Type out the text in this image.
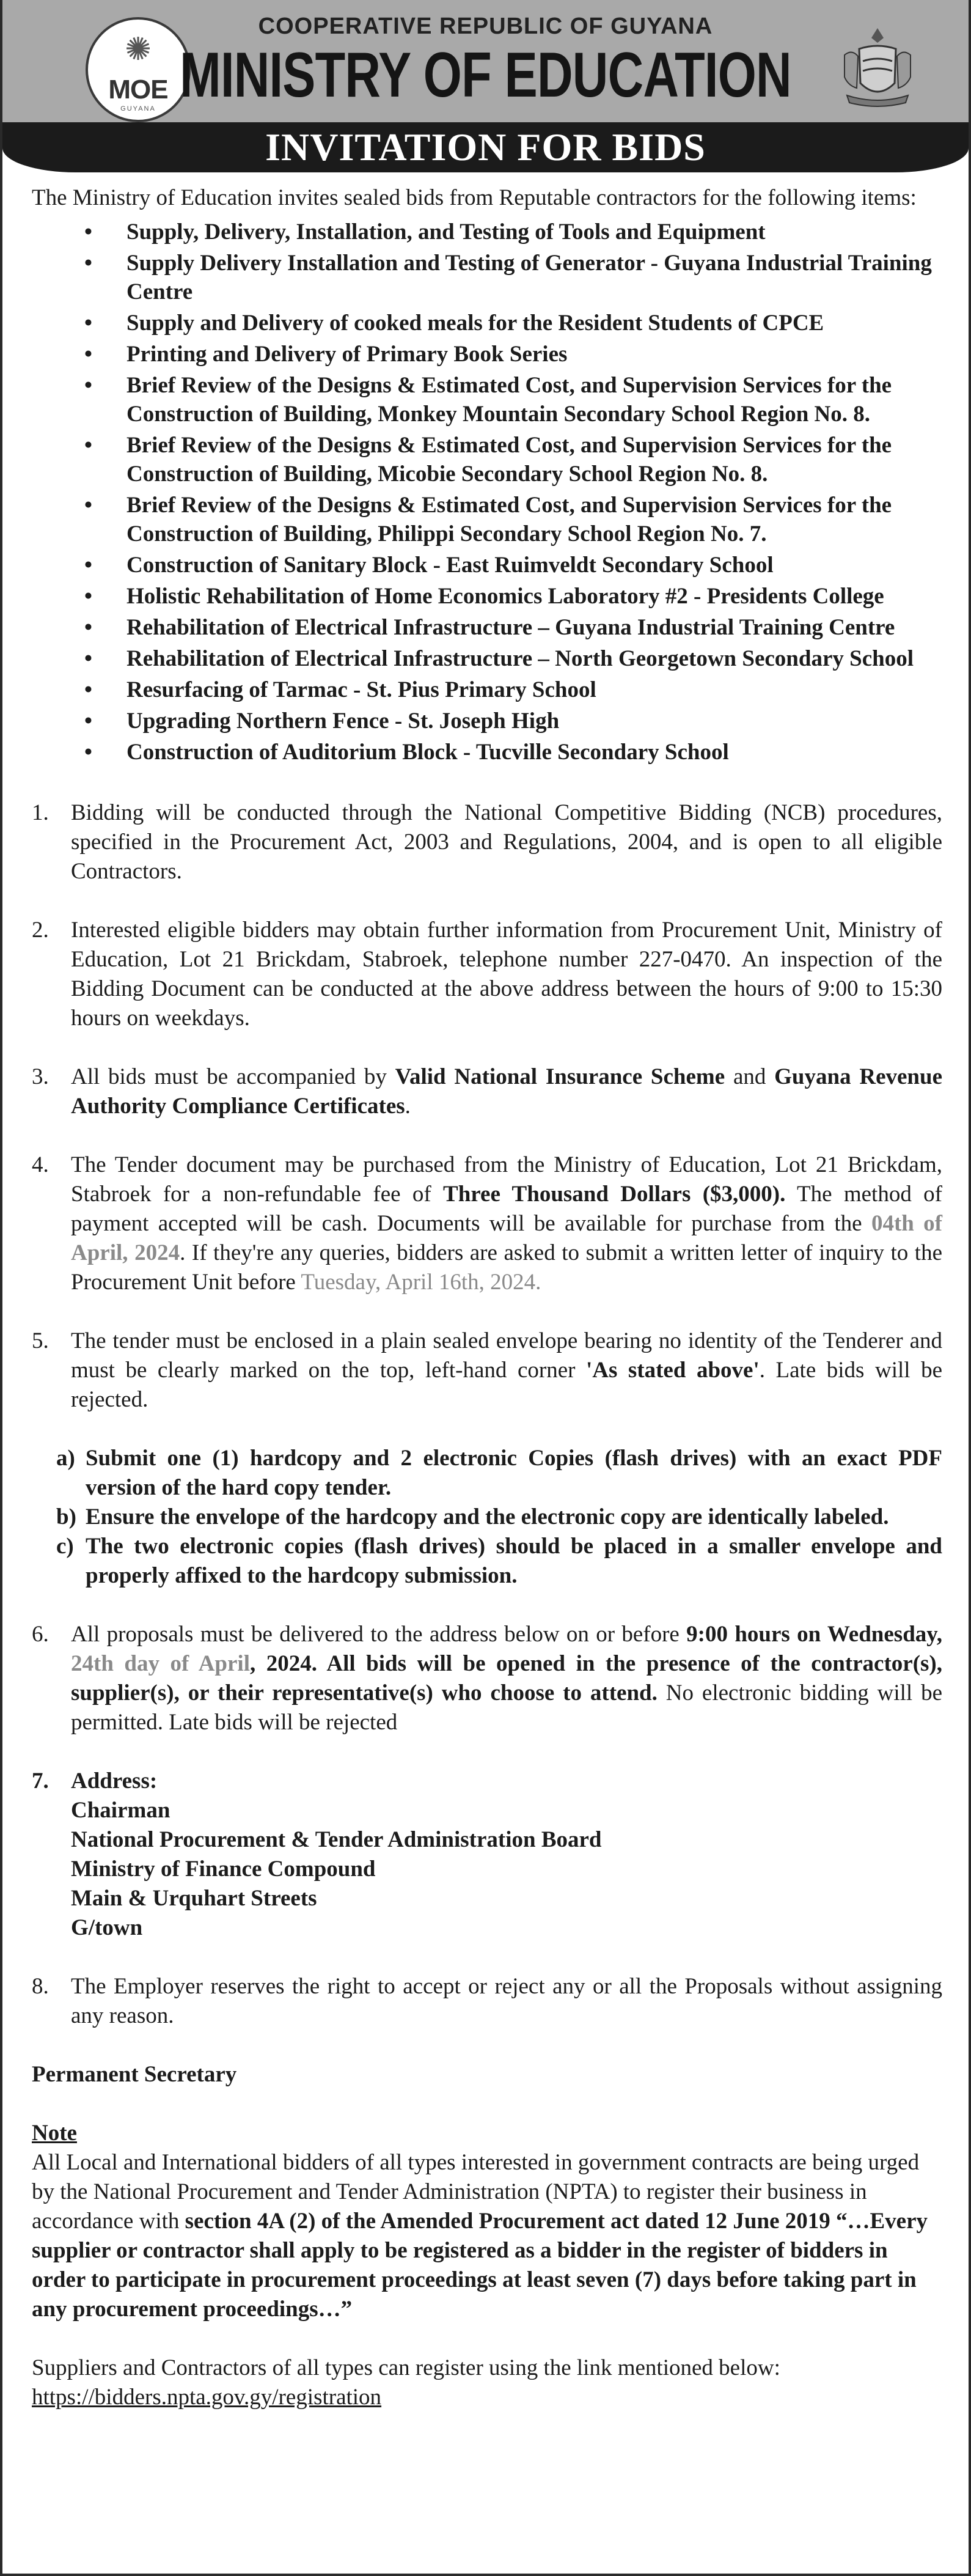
✺
MOE
GUYANA
COOPERATIVE REPUBLIC OF GUYANA
MINISTRY OF EDUCATION
INVITATION FOR BIDS

The Ministry of Education invites sealed bids from Reputable contractors for the following items:

• Supply, Delivery, Installation, and Testing of Tools and Equipment
• Supply Delivery Installation and Testing of Generator - Guyana Industrial Training Centre
• Supply and Delivery of cooked meals for the Resident Students of CPCE
• Printing and Delivery of Primary Book Series
• Brief Review of the Designs & Estimated Cost, and Supervision Services for the Construction of Building, Monkey Mountain Secondary School Region No. 8.
• Brief Review of the Designs & Estimated Cost, and Supervision Services for the Construction of Building, Micobie Secondary School Region No. 8.
• Brief Review of the Designs & Estimated Cost, and Supervision Services for the Construction of Building, Philippi Secondary School Region No. 7.
• Construction of Sanitary Block - East Ruimveldt Secondary School
• Holistic Rehabilitation of Home Economics Laboratory #2 - Presidents College
• Rehabilitation of Electrical Infrastructure – Guyana Industrial Training Centre
• Rehabilitation of Electrical Infrastructure – North Georgetown Secondary School
• Resurfacing of Tarmac - St. Pius Primary School
• Upgrading Northern Fence - St. Joseph High
• Construction of Auditorium Block - Tucville Secondary School

1. Bidding will be conducted through the National Competitive Bidding (NCB) procedures, specified in the Procurement Act, 2003 and Regulations, 2004, and is open to all eligible Contractors.

2. Interested eligible bidders may obtain further information from Procurement Unit, Ministry of Education, Lot 21 Brickdam, Stabroek, telephone number 227-0470. An inspection of the Bidding Document can be conducted at the above address between the hours of 9:00 to 15:30 hours on weekdays.

3. All bids must be accompanied by Valid National Insurance Scheme and Guyana Revenue Authority Compliance Certificates.

4. The Tender document may be purchased from the Ministry of Education, Lot 21 Brickdam, Stabroek for a non-refundable fee of Three Thousand Dollars ($3,000). The method of payment accepted will be cash. Documents will be available for purchase from the 04th of April, 2024. If they're any queries, bidders are asked to submit a written letter of inquiry to the Procurement Unit before Tuesday, April 16th, 2024.

5. The tender must be enclosed in a plain sealed envelope bearing no identity of the Tenderer and must be clearly marked on the top, left-hand corner 'As stated above'. Late bids will be rejected.

a) Submit one (1) hardcopy and 2 electronic Copies (flash drives) with an exact PDF version of the hard copy tender.

b) Ensure the envelope of the hardcopy and the electronic copy are identically labeled.

c) The two electronic copies (flash drives) should be placed in a smaller envelope and properly affixed to the hardcopy submission.

6. All proposals must be delivered to the address below on or before 9:00 hours on Wednesday, 24th day of April, 2024. All bids will be opened in the presence of the contractor(s), supplier(s), or their representative(s) who choose to attend. No electronic bidding will be permitted. Late bids will be rejected

7. Address:

Chairman

National Procurement & Tender Administration Board

Ministry of Finance Compound

Main & Urquhart Streets

G/town

8. The Employer reserves the right to accept or reject any or all the Proposals without assigning any reason.

Permanent Secretary

Note

All Local and International bidders of all types interested in government contracts are being urged by the National Procurement and Tender Administration (NPTA) to register their business in accordance with section 4A (2) of the Amended Procurement act dated 12 June 2019 “…Every supplier or contractor shall apply to be registered as a bidder in the register of bidders in order to participate in procurement proceedings at least seven (7) days before taking part in any procurement proceedings…”

Suppliers and Contractors of all types can register using the link mentioned below:

https://bidders.npta.gov.gy/registration
